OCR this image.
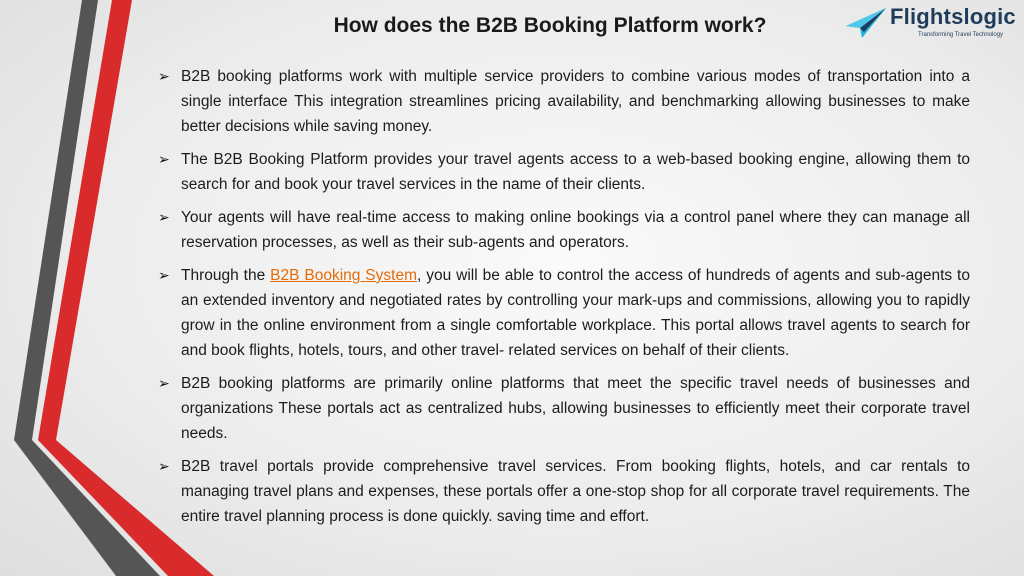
How does the B2B Booking Platform work?	Flightslogic
Transforming Travel Technology
➢ B2B booking platforms work with multiple service providers to combine various modes of transportation into a single interface This integration streamlines pricing availability, and benchmarking allowing businesses to make better decisions while saving money.
➢ The B2B Booking Platform provides your travel agents access to a web-based booking engine, allowing them to search for and book your travel services in the name of their clients.
➢ Your agents will have real-time access to making online bookings via a control panel where they can manage all reservation processes, as well as their sub-agents and operators.
➢ Through the B2B Booking System, you will be able to control the access of hundreds of agents and sub-agents to an extended inventory and negotiated rates by controlling your mark-ups and commissions, allowing you to rapidly grow in the online environment from a single comfortable workplace. This portal allows travel agents to search for and book flights, hotels, tours, and other travel- related services on behalf of their clients.
➢ B2B booking platforms are primarily online platforms that meet the specific travel needs of businesses and organizations These portals act as centralized hubs, allowing businesses to efficiently meet their corporate travel needs.
➢ B2B travel portals provide comprehensive travel services. From booking flights, hotels, and car rentals to managing travel plans and expenses, these portals offer a one-stop shop for all corporate travel requirements. The entire travel planning process is done quickly. saving time and effort.
